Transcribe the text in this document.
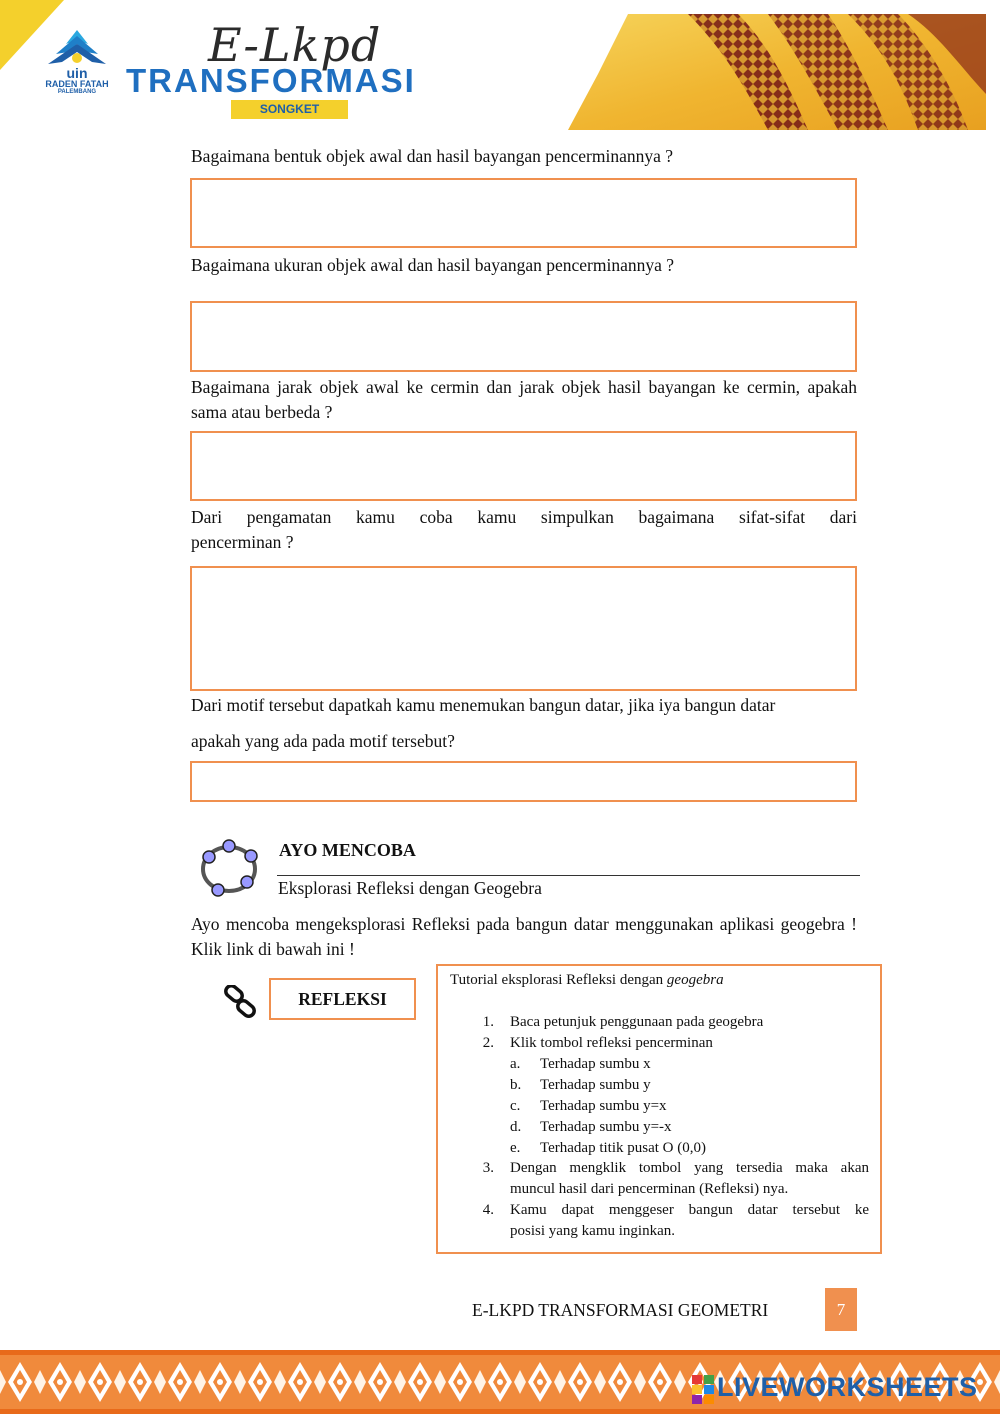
uin
RADEN FATAH
PALEMBANG
E-Lkpd
TRANSFORMASI
SONGKET
Bagaimana bentuk objek awal dan hasil bayangan pencerminannya ?
Bagaimana ukuran objek awal dan hasil bayangan pencerminannya ?
Bagaimana jarak objek awal ke cermin dan jarak objek hasil bayangan ke cermin, apakah sama atau berbeda ?
Dari pengamatan kamu coba kamu simpulkan bagaimana sifat-sifat dari
pencerminan ?
Dari motif tersebut dapatkah kamu menemukan bangun datar, jika iya bangun datar
apakah yang ada pada motif tersebut?
AYO MENCOBA
Eksplorasi Refleksi dengan Geogebra
Ayo mencoba mengeksplorasi Refleksi pada bangun datar menggunakan aplikasi geogebra ! Klik link di bawah ini !
REFLEKSI
Tutorial eksplorasi Refleksi dengan geogebra
1. Baca petunjuk penggunaan pada geogebra
2. Klik tombol refleksi pencerminan
a.	Terhadap sumbu x
b.	Terhadap sumbu y
c.	Terhadap sumbu y=x
d.	Terhadap sumbu y=-x
e.	Terhadap titik pusat O (0,0)
3. Dengan mengklik tombol yang tersedia maka akan
muncul hasil dari pencerminan (Refleksi) nya.
4. Kamu dapat menggeser bangun datar tersebut ke
posisi yang kamu inginkan.
E-LKPD TRANSFORMASI GEOMETRI	7
LIVEWORKSHEETS
